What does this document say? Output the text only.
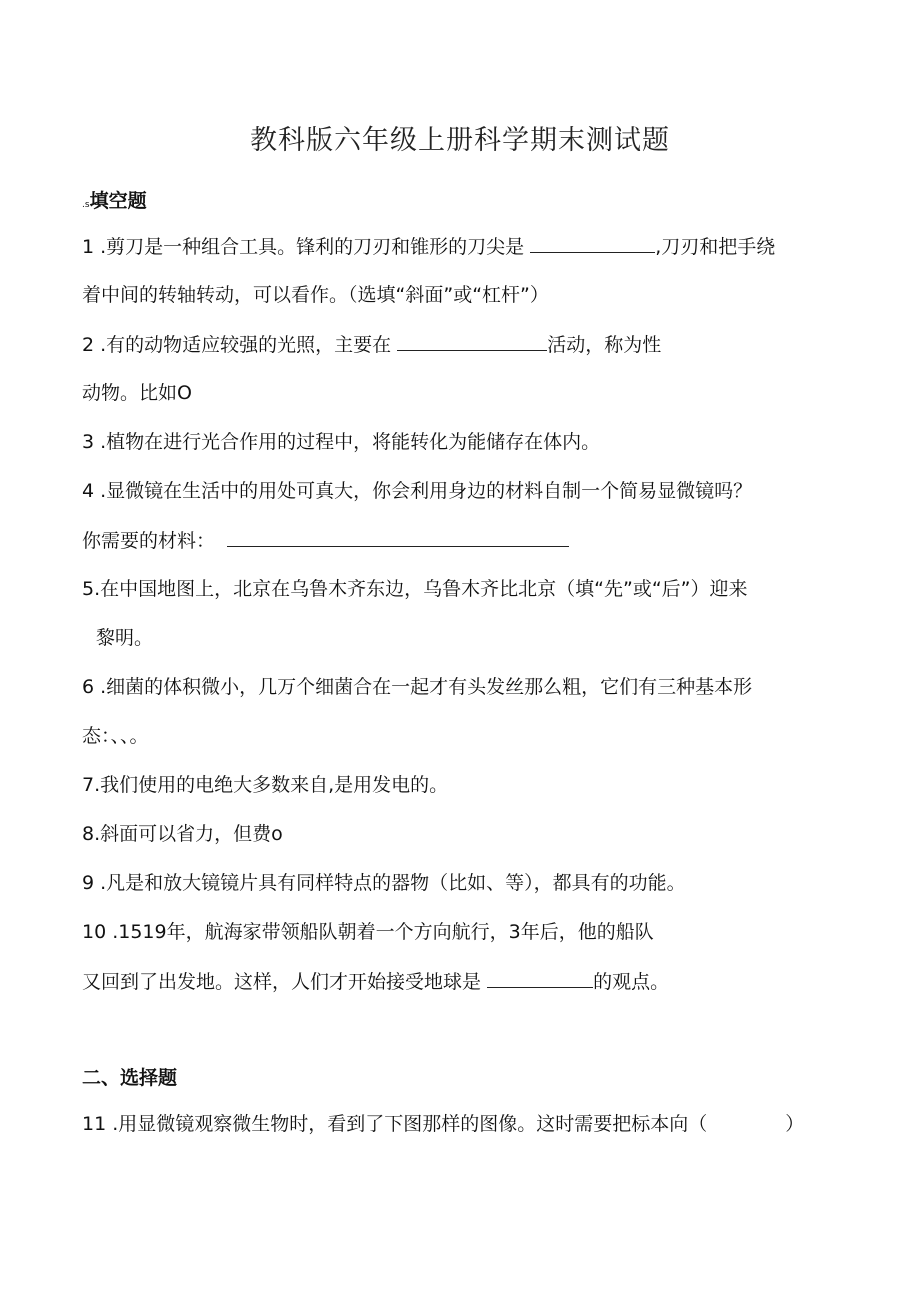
教科版六年级上册科学期末测试题
.s填空题
1 .剪刀是一种组合工具。锋利的刀刃和锥形的刀尖是	,刀刃和把手绕
着中间的转轴转动，可以看作。（选填“斜面”或“杠杆”）
2 .有的动物适应较强的光照，主要在	活动，称为性
动物。比如O
3 .植物在进行光合作用的过程中，将能转化为能储存在体内。
4 .显微镜在生活中的用处可真大，你会利用身边的材料自制一个简易显微镜吗？
你需要的材料：
5.在中国地图上，北京在乌鲁木齐东边，乌鲁木齐比北京（填“先”或“后”）迎来
黎明。
6 .细菌的体积微小，几万个细菌合在一起才有头发丝那么粗，它们有三种基本形
态：、、。
7.我们使用的电绝大多数来自,是用发电的。
8.斜面可以省力，但费o
9 .凡是和放大镜镜片具有同样特点的器物（比如、等），都具有的功能。
10 .1519年，航海家带领船队朝着一个方向航行，3年后，他的船队
又回到了出发地。这样，人们才开始接受地球是	的观点。
二、选择题
11 .用显微镜观察微生物时，看到了下图那样的图像。这时需要把标本向（	）
